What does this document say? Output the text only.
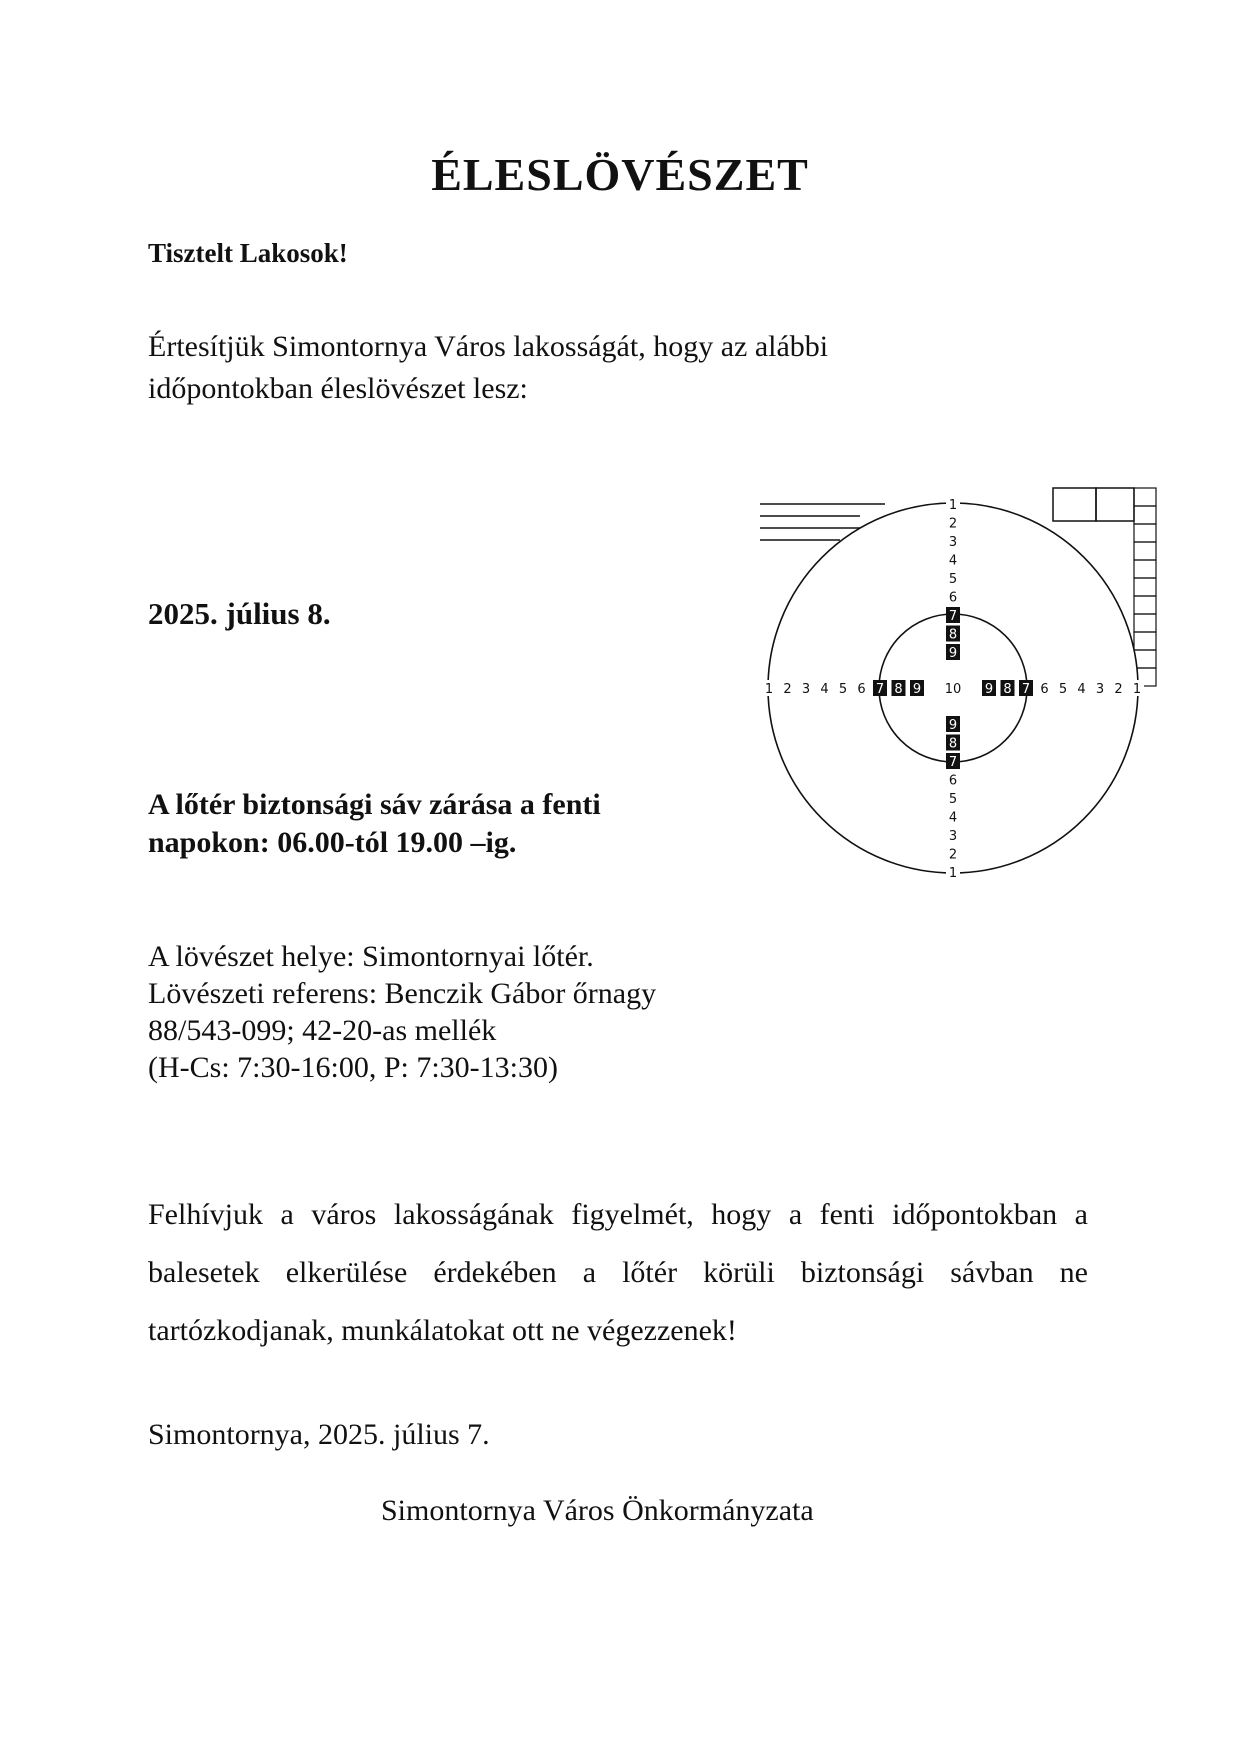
ÉLESLÖVÉSZET
Tisztelt Lakosok!
Értesítjük Simontornya Város lakosságát, hogy az alábbi
időpontokban éleslövészet lesz:
2025. július 8.
A lőtér biztonsági sáv zárása a fenti
napokon: 06.00-tól 19.00 –ig.
A lövészet helye: Simontornyai lőtér.
Lövészeti referens: Benczik Gábor őrnagy
88/543-099; 42-20-as mellék
(H-Cs: 7:30-16:00, P: 7:30-13:30)
Felhívjuk a város lakosságának figyelmét, hogy a fenti időpontokban a
balesetek elkerülése érdekében a lőtér körüli biztonsági sávban ne
tartózkodjanak, munkálatokat ott ne végezzenek!
Simontornya, 2025. július 7.
Simontornya Város Önkormányzata
1
1
1	1
2
2
2	2
3
3
3	3
4
4
4	4
5
5
5	5
6
6
6	6
7
7
7	7
8
8
8	8
9
9
9	9
10
